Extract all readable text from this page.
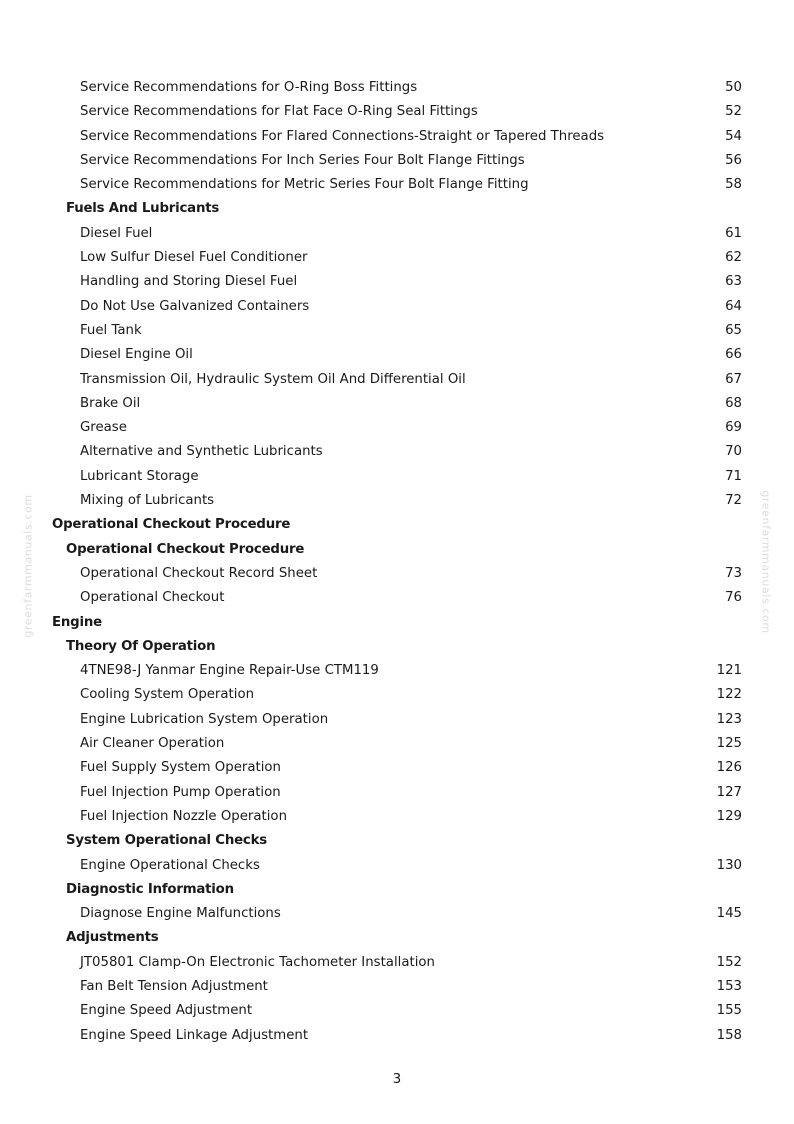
greenfarmmanuals.com	greenfarmmanuals.com
Service Recommendations for O-Ring Boss Fittings	50
Service Recommendations for Flat Face O-Ring Seal Fittings	52
Service Recommendations For Flared Connections-Straight or Tapered Threads	54
Service Recommendations For Inch Series Four Bolt Flange Fittings	56
Service Recommendations for Metric Series Four Bolt Flange Fitting	58
Fuels And Lubricants
Diesel Fuel	61
Low Sulfur Diesel Fuel Conditioner	62
Handling and Storing Diesel Fuel	63
Do Not Use Galvanized Containers	64
Fuel Tank	65
Diesel Engine Oil	66
Transmission Oil, Hydraulic System Oil And Differential Oil	67
Brake Oil	68
Grease	69
Alternative and Synthetic Lubricants	70
Lubricant Storage	71
Mixing of Lubricants	72
Operational Checkout Procedure
Operational Checkout Procedure
Operational Checkout Record Sheet	73
Operational Checkout	76
Engine
Theory Of Operation
4TNE98-J Yanmar Engine Repair-Use CTM119	121
Cooling System Operation	122
Engine Lubrication System Operation	123
Air Cleaner Operation	125
Fuel Supply System Operation	126
Fuel Injection Pump Operation	127
Fuel Injection Nozzle Operation	129
System Operational Checks
Engine Operational Checks	130
Diagnostic Information
Diagnose Engine Malfunctions	145
Adjustments
JT05801 Clamp-On Electronic Tachometer Installation	152
Fan Belt Tension Adjustment	153
Engine Speed Adjustment	155
Engine Speed Linkage Adjustment	158
3
